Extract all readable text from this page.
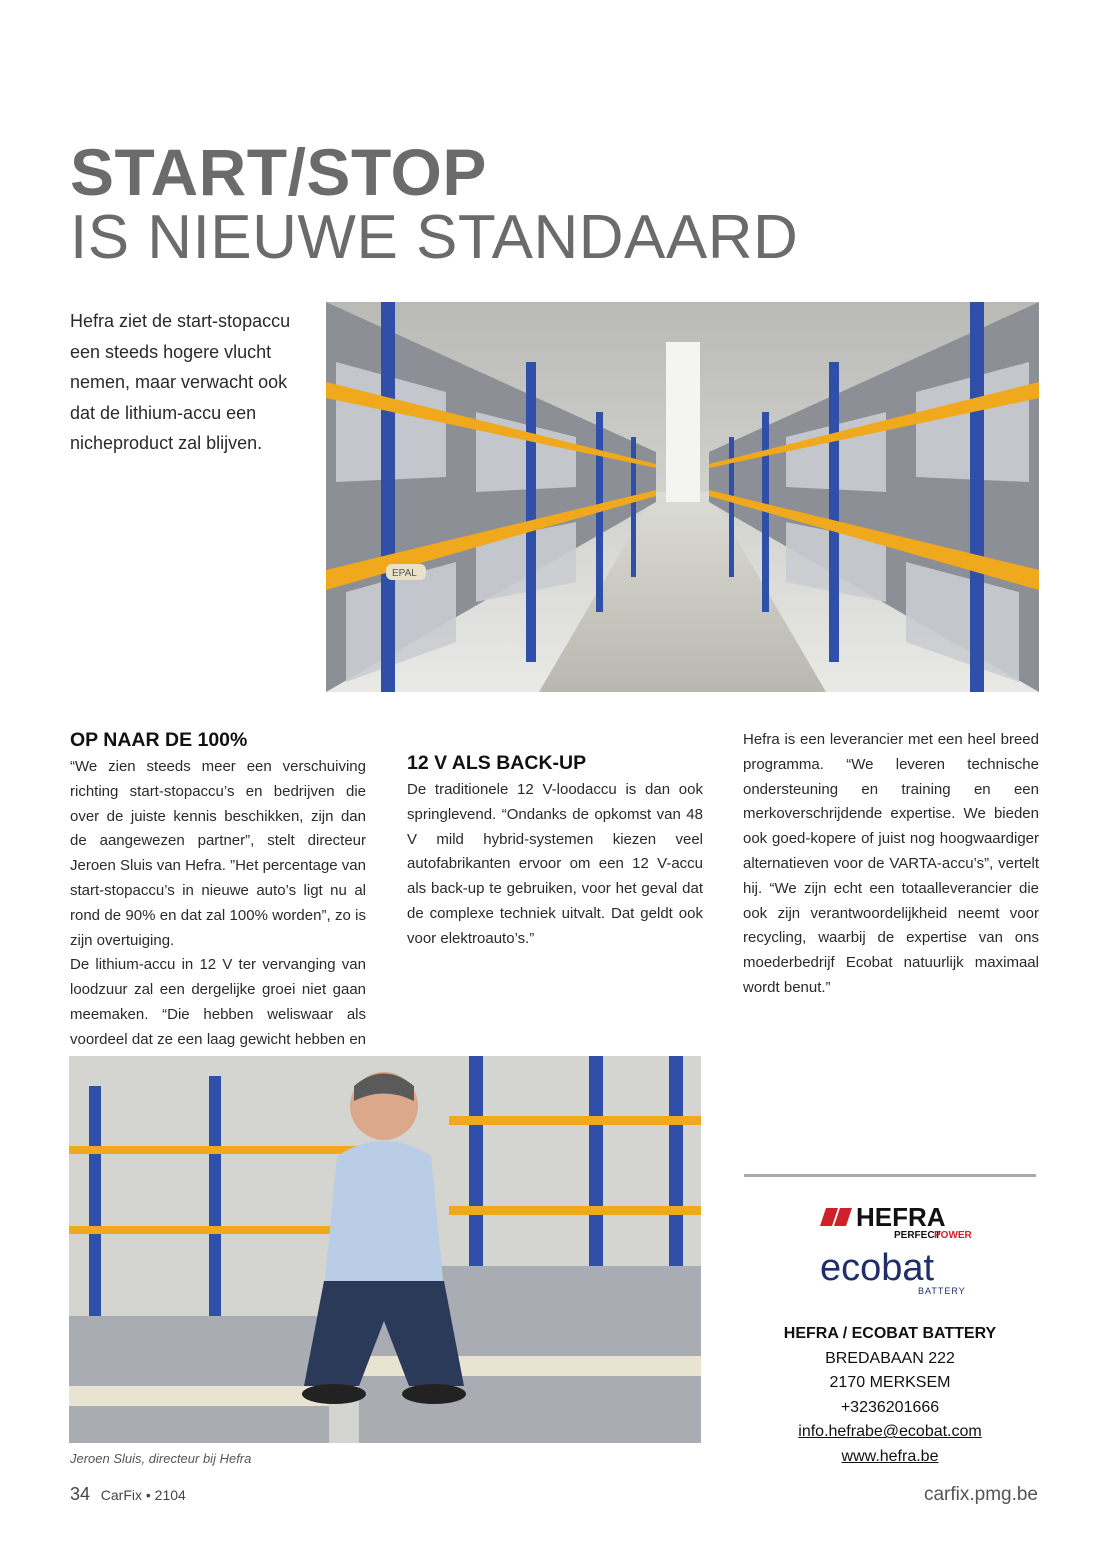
START/STOP
IS NIEUWE STANDAARD
Hefra ziet de start-stopaccu een steeds hogere vlucht nemen, maar verwacht ook dat de lithium-accu een nicheproduct zal blijven.
EPAL
OP NAAR DE 100%

“We zien steeds meer een verschuiving richting start-stopaccu’s en bedrijven die over de juiste kennis beschikken, zijn dan de aangewezen partner”, stelt directeur Jeroen Sluis van Hefra. ”Het percentage van start-stopaccu’s in nieuwe auto’s ligt nu al rond de 90% en dat zal 100% worden”, zo is zijn overtuiging.

De lithium-accu in 12 V ter vervanging van loodzuur zal een dergelijke groei niet gaan meemaken. “Die hebben weliswaar als voordeel dat ze een laag gewicht hebben en

12 V ALS BACK-UP

De traditionele 12 V-loodaccu is dan ook springlevend. “Ondanks de opkomst van 48 V mild hybrid-systemen kiezen veel autofabrikanten ervoor om een 12 V-accu als back-up te gebruiken, voor het geval dat de complexe techniek uitvalt. Dat geldt ook voor elektroauto’s.”

Hefra is een leverancier met een heel breed programma. “We leveren technische ondersteuning en training en een merkoverschrijdende expertise. We bieden ook goed-kopere of juist nog hoogwaardiger alternatieven voor de VARTA-accu’s”, vertelt hij. “We zijn echt een totaalleverancier die ook zijn verantwoordelijkheid neemt voor recycling, waarbij de expertise van ons moederbedrijf Ecobat natuurlijk maximaal wordt benut.”

Jeroen Sluis, directeur bij Hefra
HEFRA
PERFECT
POWER
ecobat
BATTERY
HEFRA / ECOBAT BATTERY
BREDABAAN 222
2170 MERKSEM
+3236201666
info.hefrabe@ecobat.com
www.hefra.be
34 CarFix • 2104	carfix.pmg.be
